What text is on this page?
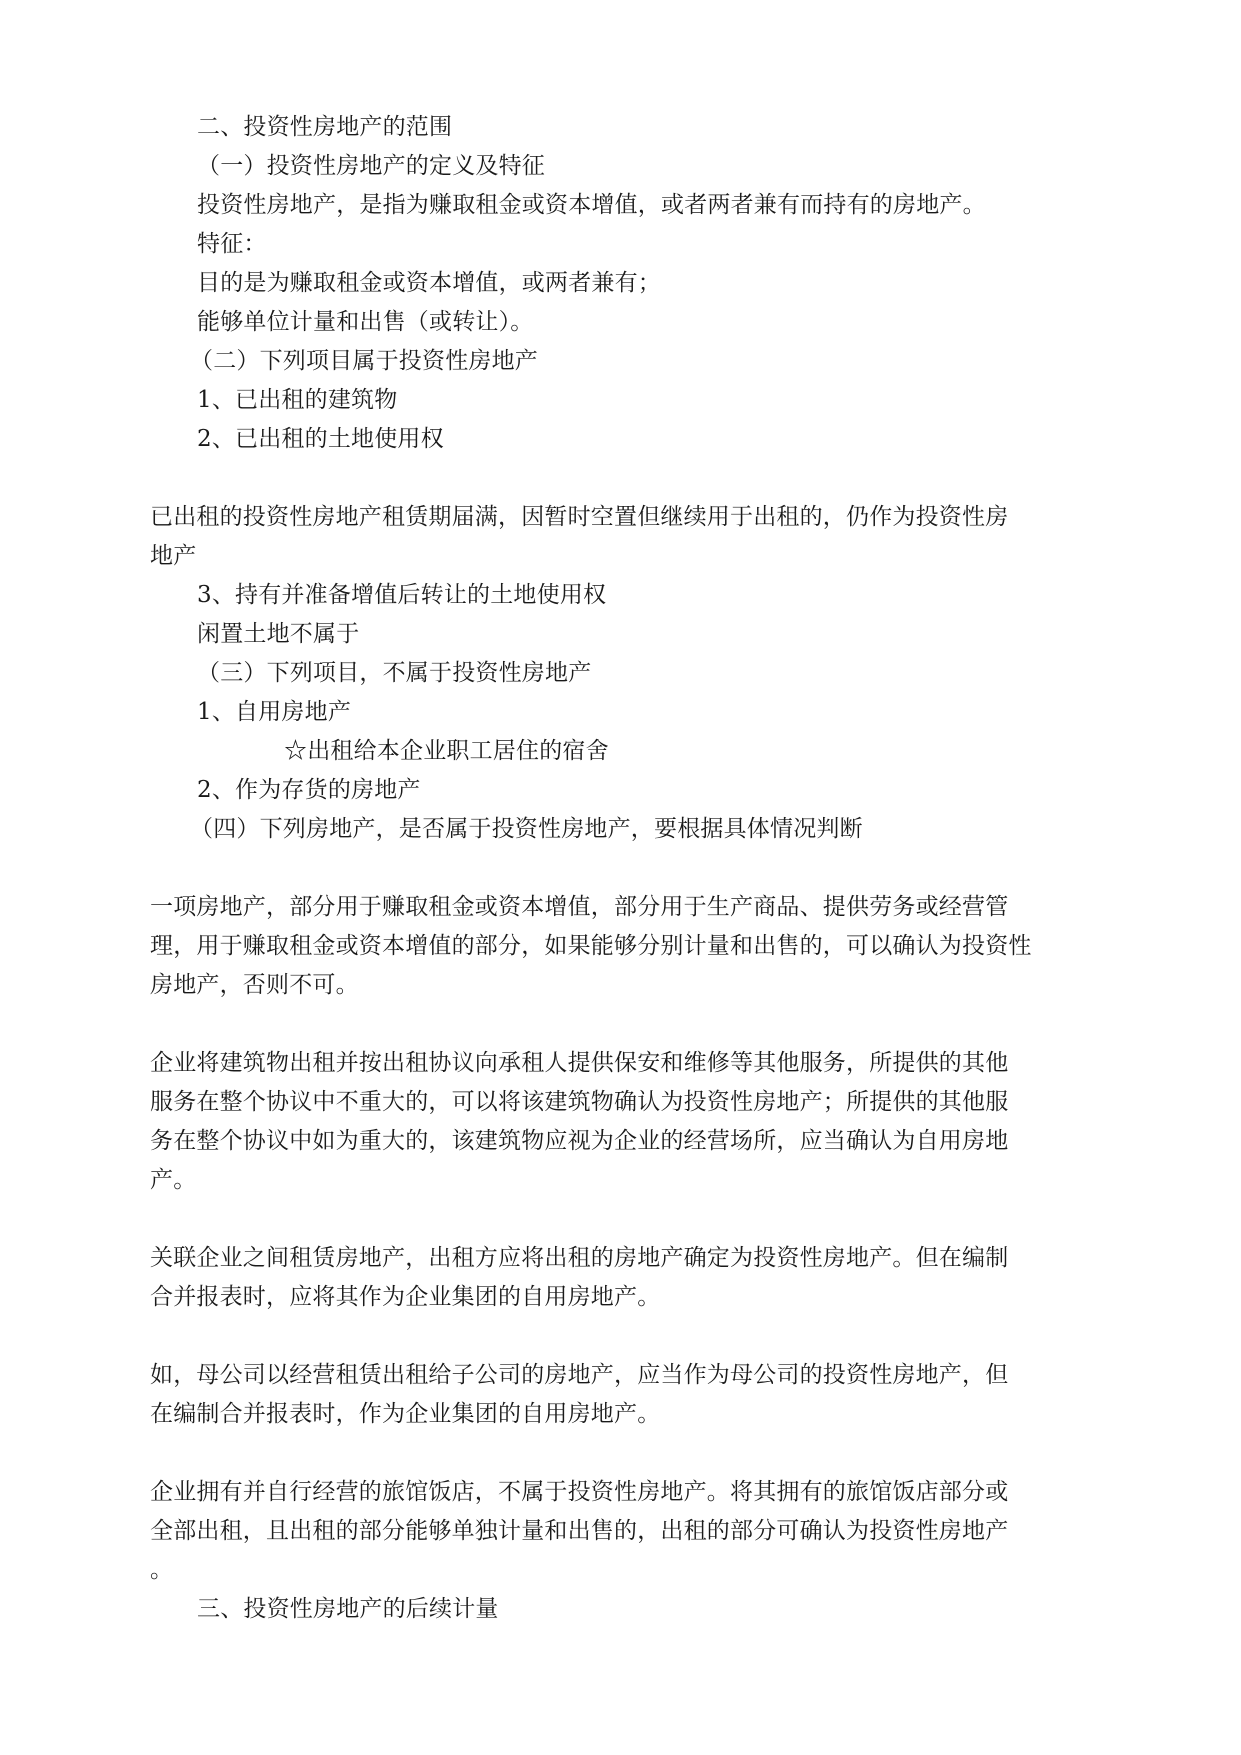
二、投资性房地产的范围
（一）投资性房地产的定义及特征
投资性房地产，是指为赚取租金或资本增值，或者两者兼有而持有的房地产。
特征：
目的是为赚取租金或资本增值，或两者兼有；
能够单位计量和出售（或转让）。
（二）下列项目属于投资性房地产
1、已出租的建筑物
2、已出租的土地使用权
已出租的投资性房地产租赁期届满，因暂时空置但继续用于出租的，仍作为投资性房
地产
3、持有并准备增值后转让的土地使用权
闲置土地不属于
（三）下列项目，不属于投资性房地产
1、自用房地产
☆出租给本企业职工居住的宿舍
2、作为存货的房地产
（四）下列房地产，是否属于投资性房地产，要根据具体情况判断
一项房地产，部分用于赚取租金或资本增值，部分用于生产商品、提供劳务或经营管
理，用于赚取租金或资本增值的部分，如果能够分别计量和出售的，可以确认为投资性
房地产，否则不可。
企业将建筑物出租并按出租协议向承租人提供保安和维修等其他服务，所提供的其他
服务在整个协议中不重大的，可以将该建筑物确认为投资性房地产；所提供的其他服
务在整个协议中如为重大的，该建筑物应视为企业的经营场所，应当确认为自用房地
产。
关联企业之间租赁房地产，出租方应将出租的房地产确定为投资性房地产。但在编制
合并报表时，应将其作为企业集团的自用房地产。
如，母公司以经营租赁出租给子公司的房地产，应当作为母公司的投资性房地产，但
在编制合并报表时，作为企业集团的自用房地产。
企业拥有并自行经营的旅馆饭店，不属于投资性房地产。将其拥有的旅馆饭店部分或
全部出租，且出租的部分能够单独计量和出售的，出租的部分可确认为投资性房地产
。
三、投资性房地产的后续计量
